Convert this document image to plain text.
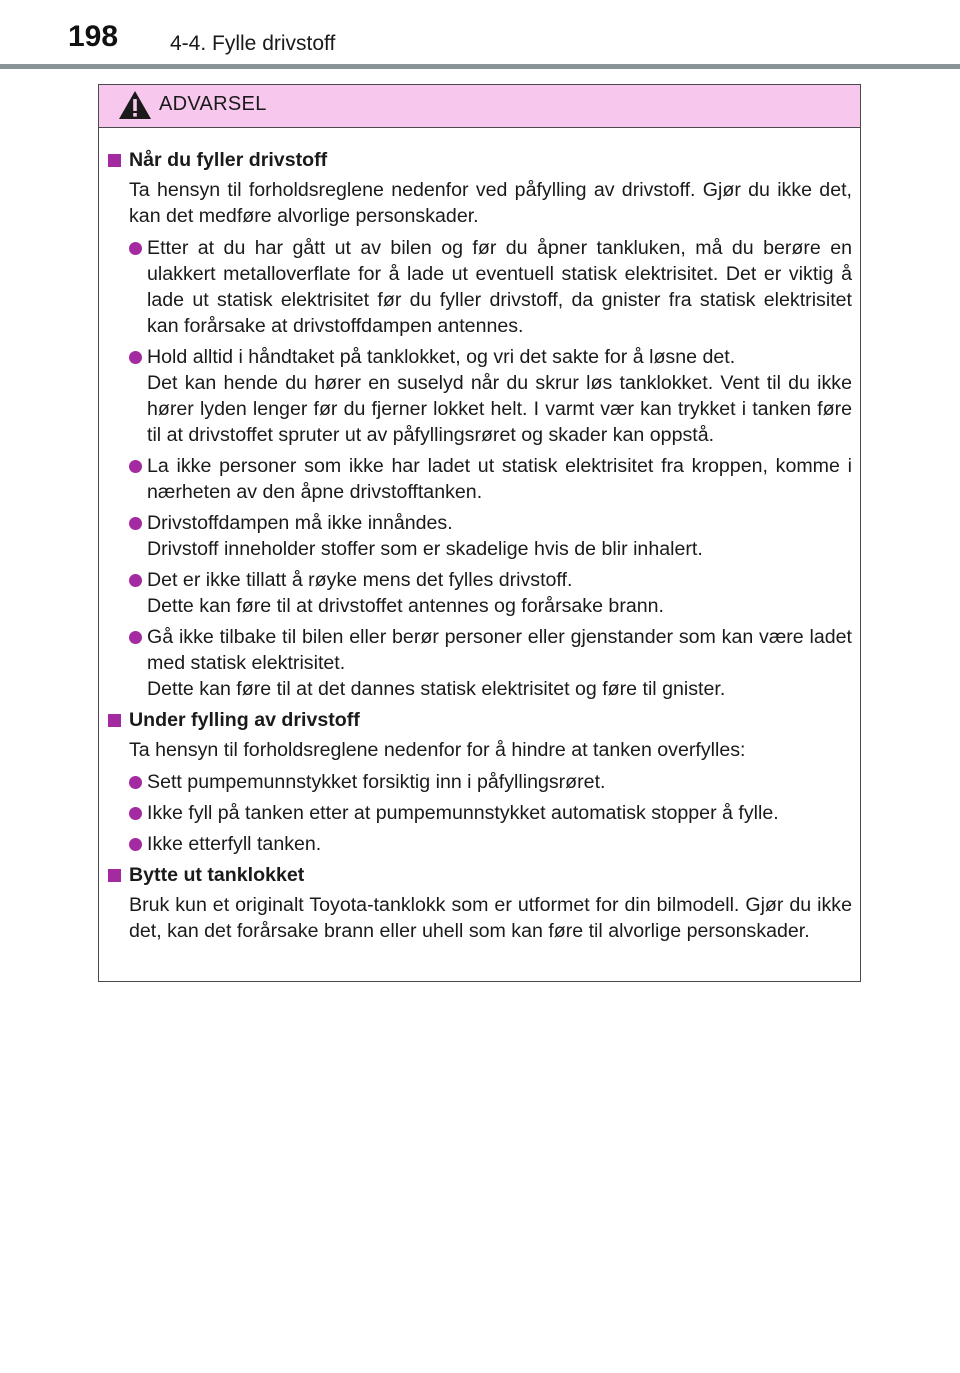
198 4-4. Fylle drivstoff
ADVARSEL
Når du fyller drivstoff

Ta hensyn til forholdsreglene nedenfor ved påfylling av drivstoff. Gjør du ikke det, kan det medføre alvorlige personskader.

Etter at du har gått ut av bilen og før du åpner tankluken, må du berøre en ulakkert metalloverflate for å lade ut eventuell statisk elektrisitet. Det er viktig å lade ut statisk elektrisitet før du fyller drivstoff, da gnister fra statisk elektrisitet kan forårsake at drivstoffdampen antennes.

Hold alltid i håndtaket på tanklokket, og vri det sakte for å løsne det.

Det kan hende du hører en suselyd når du skrur løs tanklokket. Vent til du ikke hører lyden lenger før du fjerner lokket helt. I varmt vær kan trykket i tanken føre til at drivstoffet spruter ut av påfyllingsrøret og skader kan oppstå.

La ikke personer som ikke har ladet ut statisk elektrisitet fra kroppen, komme i nærheten av den åpne drivstofftanken.

Drivstoffdampen må ikke innåndes.

Drivstoff inneholder stoffer som er skadelige hvis de blir inhalert.

Det er ikke tillatt å røyke mens det fylles drivstoff.

Dette kan føre til at drivstoffet antennes og forårsake brann.

Gå ikke tilbake til bilen eller berør personer eller gjenstander som kan være ladet med statisk elektrisitet.

Dette kan føre til at det dannes statisk elektrisitet og føre til gnister.

Under fylling av drivstoff

Ta hensyn til forholdsreglene nedenfor for å hindre at tanken overfylles:

Sett pumpemunnstykket forsiktig inn i påfyllingsrøret.

Ikke fyll på tanken etter at pumpemunnstykket automatisk stopper å fylle.

Ikke etterfyll tanken.

Bytte ut tanklokket

Bruk kun et originalt Toyota-tanklokk som er utformet for din bilmodell. Gjør du ikke det, kan det forårsake brann eller uhell som kan føre til alvorlige personskader.
